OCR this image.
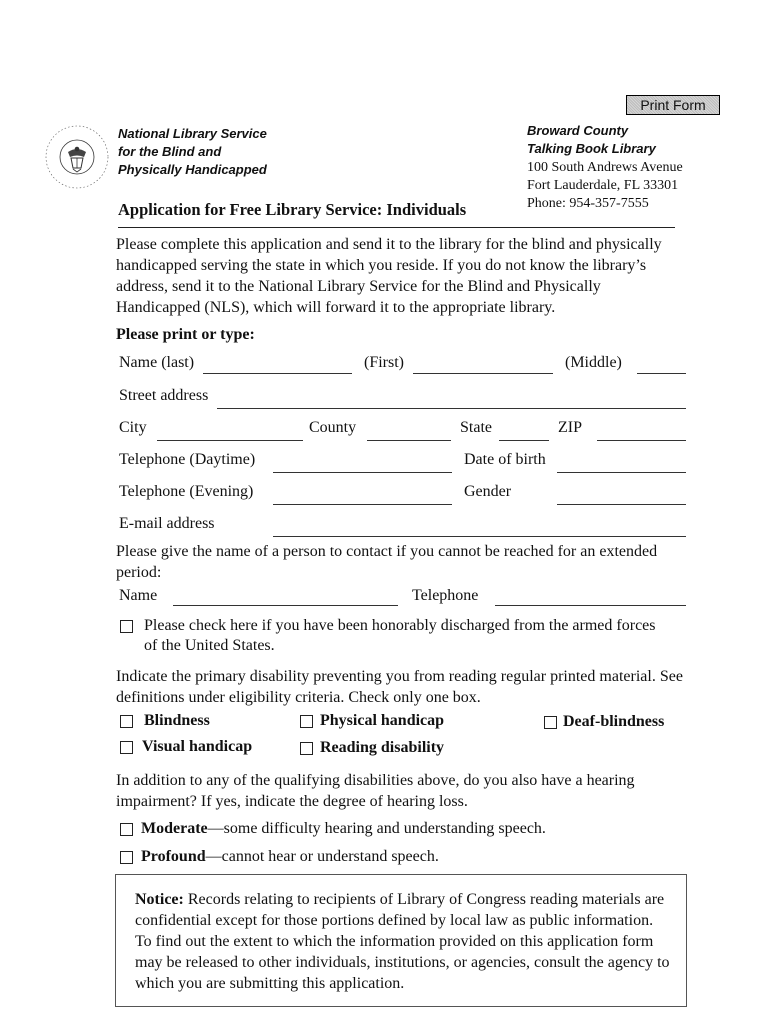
Print Form
National Library Service
for the Blind and
Physically Handicapped
Broward County
Talking Book Library
100 South Andrews Avenue
Fort Lauderdale, FL 33301
Phone: 954-357-7555
Application for Free Library Service: Individuals
Please complete this application and send it to the library for the blind and physically handicapped serving the state in which you reside. If you do not know the library’s address, send it to the National Library Service for the Blind and Physically Handicapped (NLS), which will forward it to the appropriate library.
Please print or type:
Name (last)	(First)	(Middle)
Street address
City	County	State	ZIP
Telephone (Daytime)	Date of birth
Telephone (Evening)	Gender
E-mail address
Please give the name of a person to contact if you cannot be reached for an extended period:
Name	Telephone
Please check here if you have been honorably discharged from the armed forces
of the United States.
Indicate the primary disability preventing you from reading regular printed material. See definitions under eligibility criteria. Check only one box.
Blindness	Physical handicap	Deaf-blindness
Visual handicap	Reading disability
In addition to any of the qualifying disabilities above, do you also have a hearing impairment? If yes, indicate the degree of hearing loss.
Moderate—some difficulty hearing and understanding speech.
Profound—cannot hear or understand speech.
Notice: Records relating to recipients of Library of Congress reading materials are confidential except for those portions defined by local law as public information. To find out the extent to which the information provided on this application form may be released to other individuals, institutions, or agencies, consult the agency to which you are submitting this application.
